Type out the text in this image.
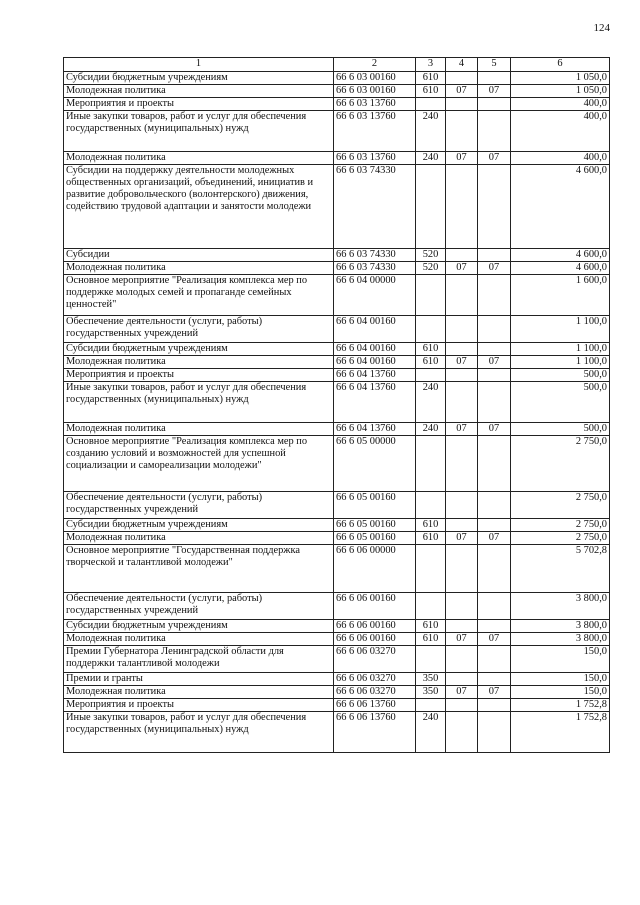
124
1	2	3	4	5	6
Субсидии бюджетным учреждениям	66 6 03 00160	610			1 050,0
Молодежная политика	66 6 03 00160	610	07	07	1 050,0
Мероприятия и проекты	66 6 03 13760				400,0
Иные закупки товаров, работ и услуг для обеспечения государственных (муниципальных) нужд	66 6 03 13760	240			400,0
Молодежная политика	66 6 03 13760	240	07	07	400,0
Субсидии на поддержку деятельности молодежных общественных организаций, объединений, инициатив и развитие добровольческого (волонтерского) движения, содействию трудовой адаптации и занятости молодежи	66 6 03 74330				4 600,0
Субсидии	66 6 03 74330	520			4 600,0
Молодежная политика	66 6 03 74330	520	07	07	4 600,0
Основное мероприятие "Реализация комплекса мер по поддержке молодых семей и пропаганде семейных ценностей"	66 6 04 00000				1 600,0
Обеспечение деятельности (услуги, работы) государственных учреждений	66 6 04 00160				1 100,0
Субсидии бюджетным учреждениям	66 6 04 00160	610			1 100,0
Молодежная политика	66 6 04 00160	610	07	07	1 100,0
Мероприятия и проекты	66 6 04 13760				500,0
Иные закупки товаров, работ и услуг для обеспечения государственных (муниципальных) нужд	66 6 04 13760	240			500,0
Молодежная политика	66 6 04 13760	240	07	07	500,0
Основное мероприятие "Реализация комплекса мер по созданию условий и возможностей для успешной социализации и самореализации молодежи"	66 6 05 00000				2 750,0
Обеспечение деятельности (услуги, работы) государственных учреждений	66 6 05 00160				2 750,0
Субсидии бюджетным учреждениям	66 6 05 00160	610			2 750,0
Молодежная политика	66 6 05 00160	610	07	07	2 750,0
Основное мероприятие "Государственная поддержка творческой и талантливой молодежи"	66 6 06 00000				5 702,8
Обеспечение деятельности (услуги, работы) государственных учреждений	66 6 06 00160				3 800,0
Субсидии бюджетным учреждениям	66 6 06 00160	610			3 800,0
Молодежная политика	66 6 06 00160	610	07	07	3 800,0
Премии Губернатора Ленинградской области для поддержки талантливой молодежи	66 6 06 03270				150,0
Премии и гранты	66 6 06 03270	350			150,0
Молодежная политика	66 6 06 03270	350	07	07	150,0
Мероприятия и проекты	66 6 06 13760				1 752,8
Иные закупки товаров, работ и услуг для обеспечения государственных (муниципальных) нужд	66 6 06 13760	240			1 752,8
